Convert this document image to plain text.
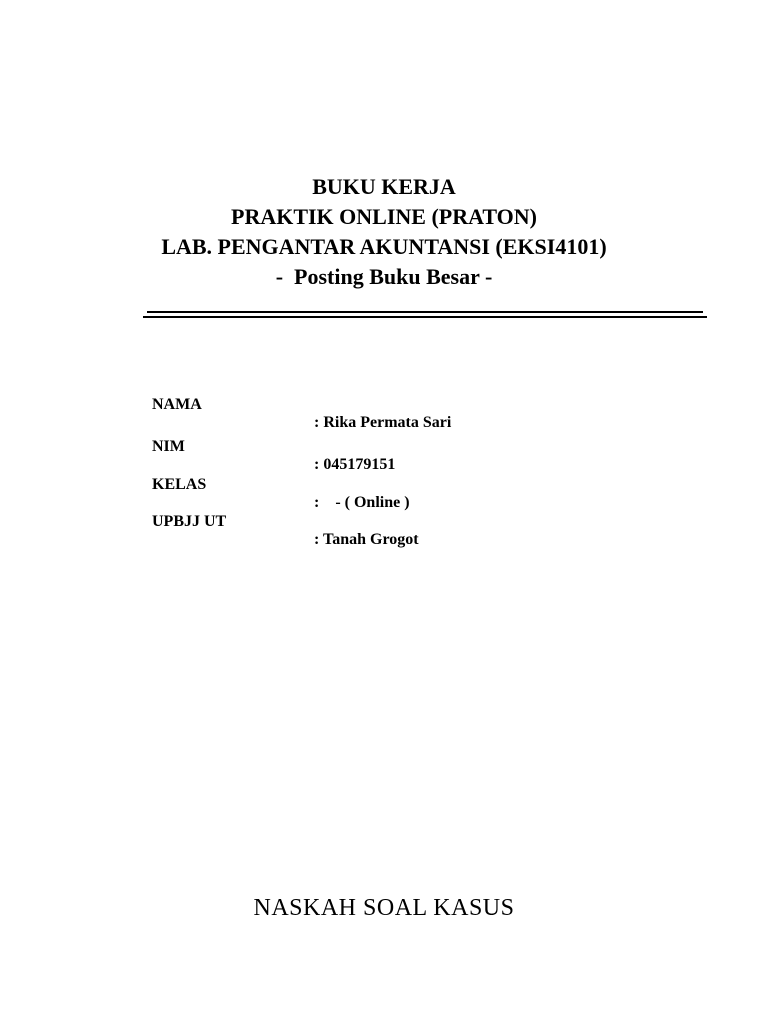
BUKU KERJA
PRAKTIK ONLINE (PRATON)
LAB. PENGANTAR AKUNTANSI (EKSI4101)
-  Posting Buku Besar -

NAMA

: Rika Permata Sari

NIM

: 045179151

KELAS

:    - ( Online )

UPBJJ UT

: Tanah Grogot

NASKAH SOAL KASUS
